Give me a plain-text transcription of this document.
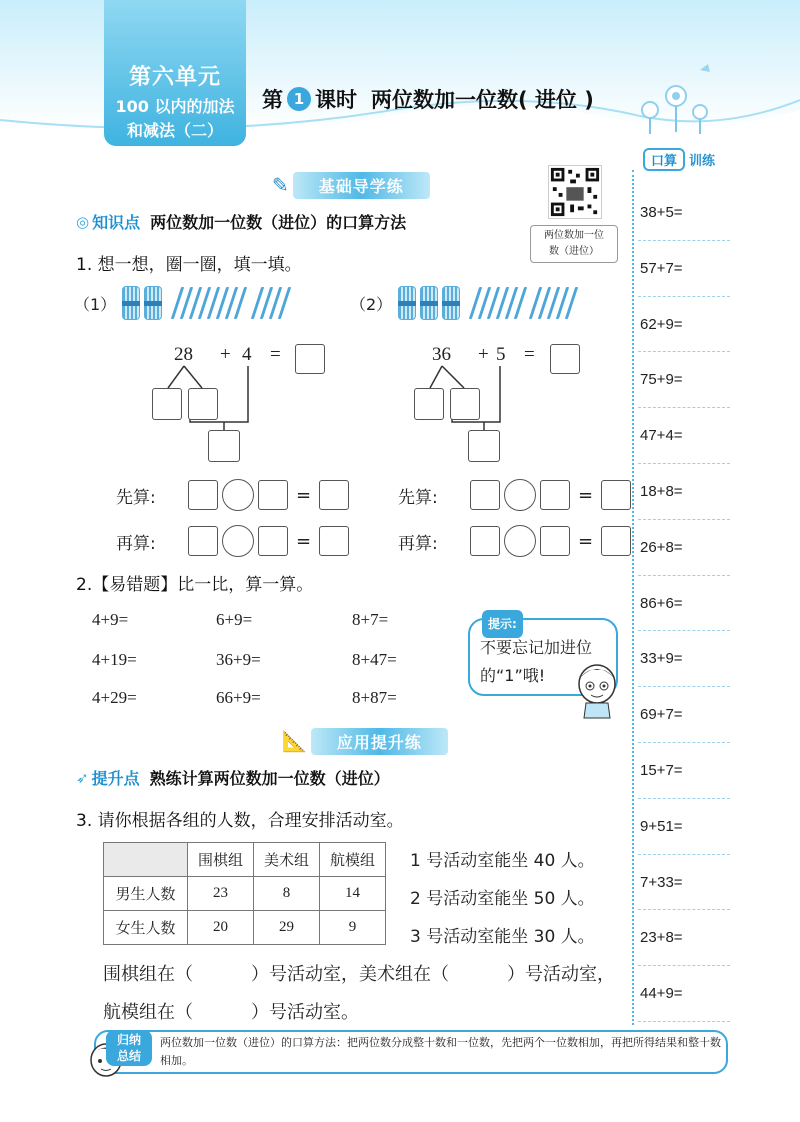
第六单元
100 以内的加法
和减法（二）
第 1 课时 两位数加一位数( 进位 )
口算 训练
38+5=
57+7=
62+9=
75+9=
47+4=
18+8=
26+8=
86+6=
33+9=
69+7=
15+7=
9+51=
7+33=
23+8=
44+9=
✎	基础导学练
◎ 知识点 两位数加一位数（进位）的口算方法
两位数加一位
数（进位）
1. 想一想，圈一圈，填一填。
（1）	（2）
28 + 4 =	36 + 5 =
先算:	=
再算:	=
先算:	=
再算:	=
2.【易错题】比一比，算一算。
4+9=	6+9=	8+7=
4+19=	36+9=	8+47=
4+29=	66+9=	8+87=
提示:
不要忘记加进位
的“1”哦!
📐	应用提升练
➶ 提升点 熟练计算两位数加一位数（进位）
3. 请你根据各组的人数，合理安排活动室。
	围棋组	美术组	航模组
男生人数	23	8	14
女生人数	20	29	9
1 号活动室能坐 40 人。
2 号活动室能坐 50 人。
3 号活动室能坐 30 人。
围棋组在（	）号活动室，美术组在（	）号活动室，
航模组在（	）号活动室。
归纳
总结
两位数加一位数（进位）的口算方法：把两位数分成整十数和一位数，先把两个一位数相加，再把所得结果和整十数相加。
